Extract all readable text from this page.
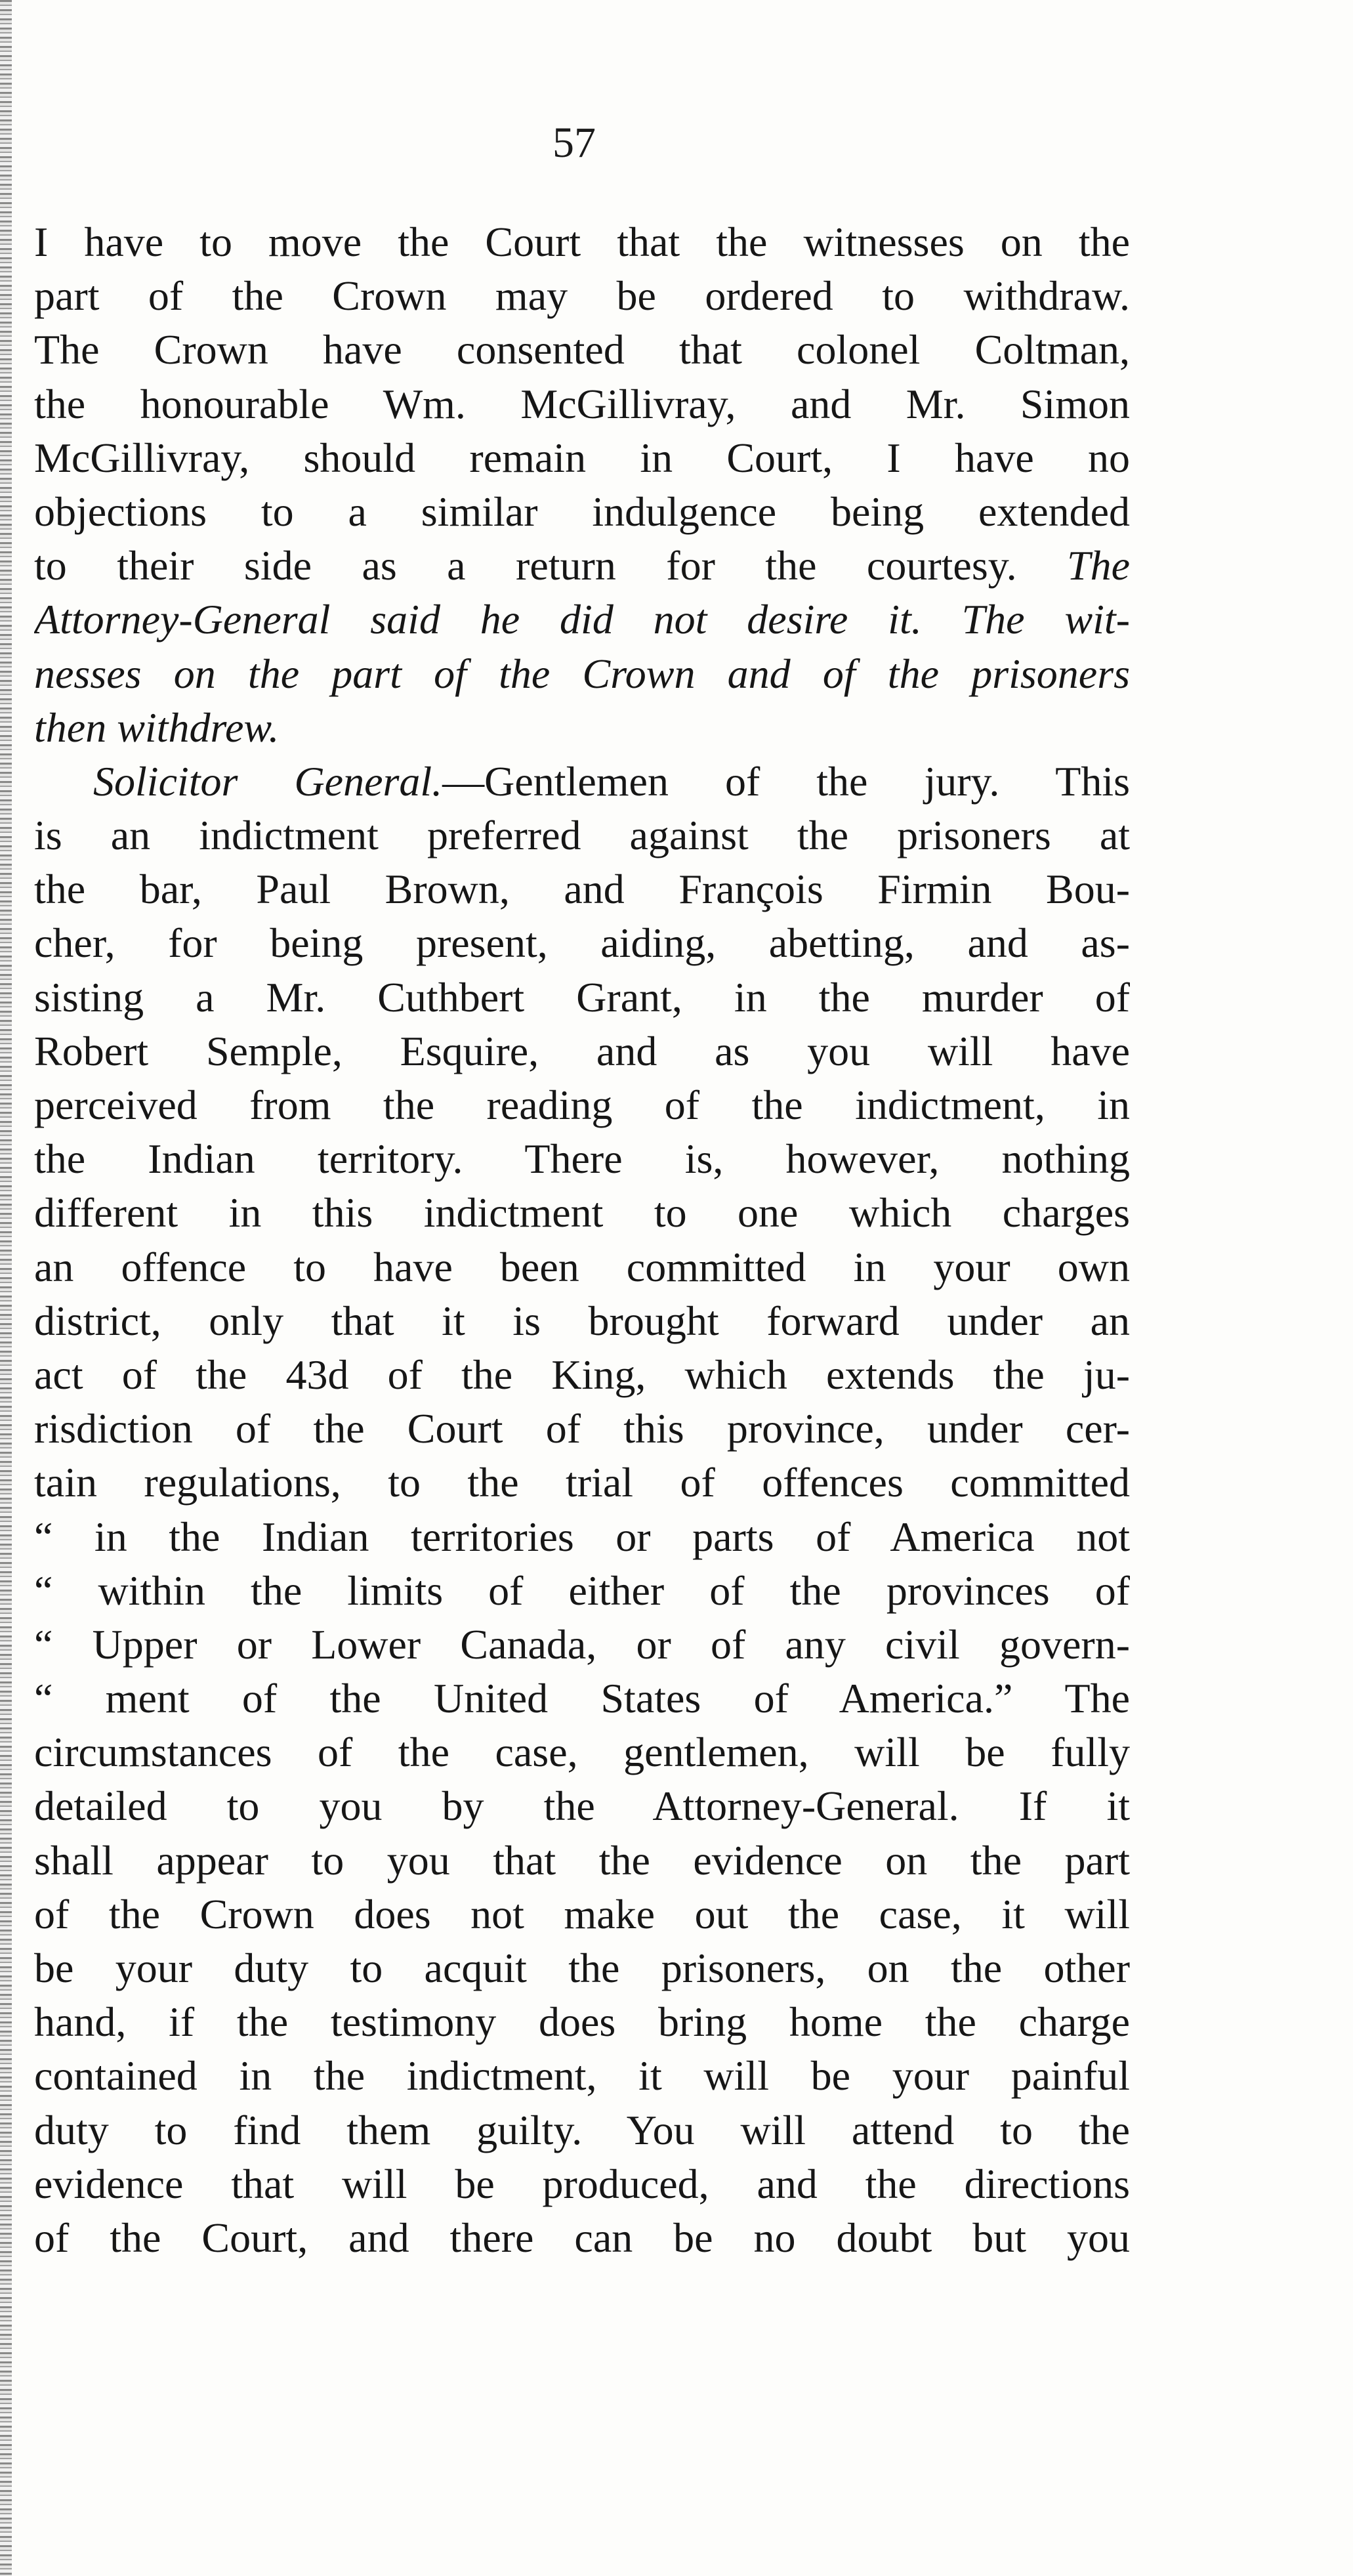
57
I have to move the Court that the witnesses on the
part of the Crown may be ordered to withdraw.
The Crown have consented that colonel Coltman,
the honourable Wm. McGillivray, and Mr. Simon
McGillivray, should remain in Court, I have no
objections to a similar indulgence being extended
to their side as a return for the courtesy. The
Attorney-General said he did not desire it. The wit-
nesses on the part of the Crown and of the prisoners
then withdrew.
Solicitor General.—Gentlemen of the jury. This
is an indictment preferred against the prisoners at
the bar, Paul Brown, and François Firmin Bou-
cher, for being present, aiding, abetting, and as-
sisting a Mr. Cuthbert Grant, in the murder of
Robert Semple, Esquire, and as you will have
perceived from the reading of the indictment, in
the Indian territory. There is, however, nothing
different in this indictment to one which charges
an offence to have been committed in your own
district, only that it is brought forward under an
act of the 43d of the King, which extends the ju-
risdiction of the Court of this province, under cer-
tain regulations, to the trial of offences committed
“ in the Indian territories or parts of America not
“ within the limits of either of the provinces of
“ Upper or Lower Canada, or of any civil govern-
“ ment of the United States of America.” The
circumstances of the case, gentlemen, will be fully
detailed to you by the Attorney-General. If it
shall appear to you that the evidence on the part
of the Crown does not make out the case, it will
be your duty to acquit the prisoners, on the other
hand, if the testimony does bring home the charge
contained in the indictment, it will be your painful
duty to find them guilty. You will attend to the
evidence that will be produced, and the directions
of the Court, and there can be no doubt but you
